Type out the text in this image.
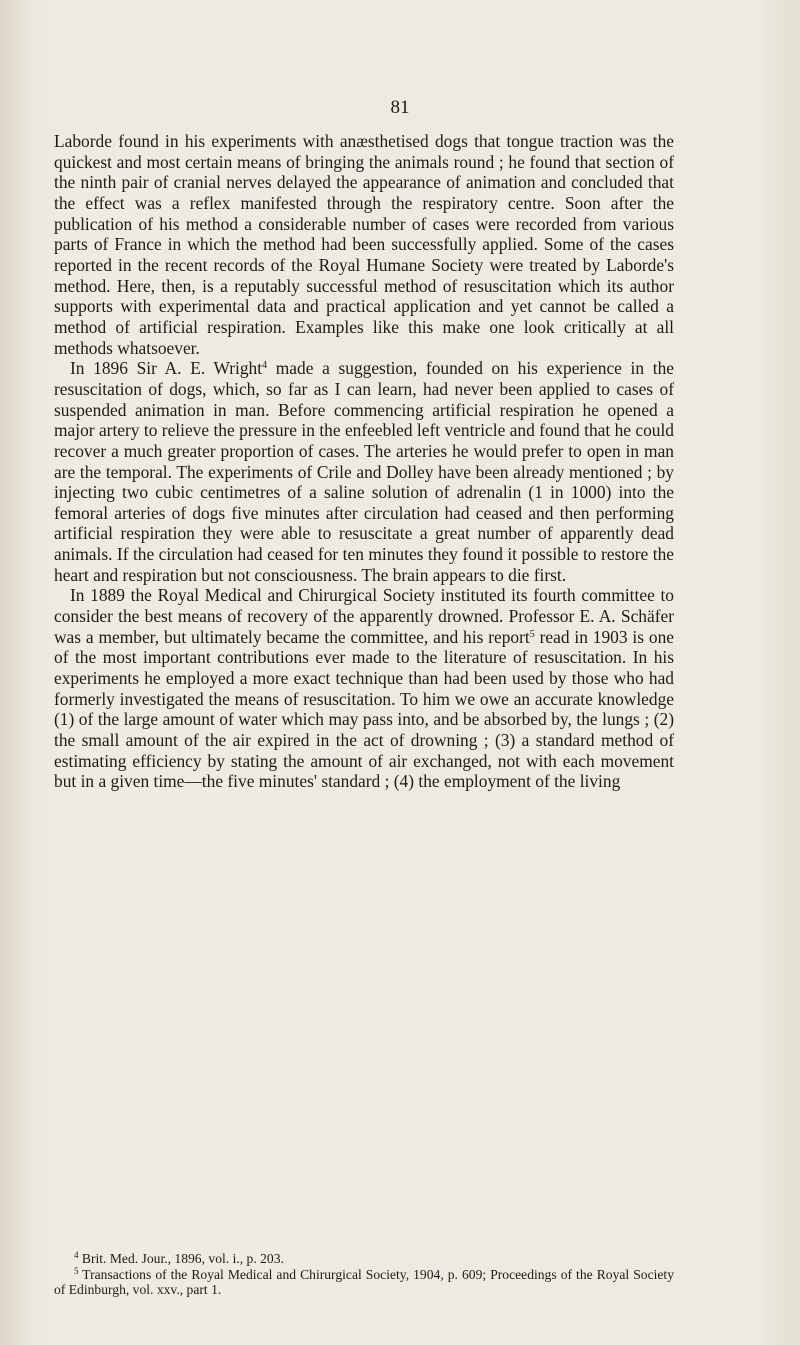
81

Laborde found in his experiments with anæsthetised dogs that tongue traction was the quickest and most certain means of bringing the animals round ; he found that section of the ninth pair of cranial nerves delayed the appearance of animation and concluded that the effect was a reflex manifested through the respiratory centre. Soon after the publication of his method a considerable number of cases were recorded from various parts of France in which the method had been successfully applied. Some of the cases reported in the recent records of the Royal Humane Society were treated by Laborde's method. Here, then, is a reputably successful method of resuscitation which its author supports with experimental data and practical application and yet cannot be called a method of artificial respiration. Examples like this make one look critically at all methods whatsoever.

In 1896 Sir A. E. Wright$^4$ made a suggestion, founded on his experience in the resuscitation of dogs, which, so far as I can learn, had never been applied to cases of suspended animation in man. Before commencing artificial respiration he opened a major artery to relieve the pressure in the enfeebled left ventricle and found that he could recover a much greater proportion of cases. The arteries he would prefer to open in man are the temporal. The experiments of Crile and Dolley have been already mentioned ; by injecting two cubic centimetres of a saline solution of adrenalin (1 in 1000) into the femoral arteries of dogs five minutes after circulation had ceased and then performing artificial respiration they were able to resuscitate a great number of apparently dead animals. If the circulation had ceased for ten minutes they found it possible to restore the heart and respiration but not consciousness. The brain appears to die first.

In 1889 the Royal Medical and Chirurgical Society instituted its fourth committee to consider the best means of recovery of the apparently drowned. Professor E. A. Schäfer was a member, but ultimately became the committee, and his report$^5$ read in 1903 is one of the most important contributions ever made to the literature of resuscitation. In his experiments he employed a more exact technique than had been used by those who had formerly investigated the means of resuscitation. To him we owe an accurate knowledge (1) of the large amount of water which may pass into, and be absorbed by, the lungs ; (2) the small amount of the air expired in the act of drowning ; (3) a standard method of estimating efficiency by stating the amount of air exchanged, not with each movement but in a given time—the five minutes' standard ; (4) the employment of the living

$^4$ Brit. Med. Jour., 1896, vol. i., p. 203.

$^5$ Transactions of the Royal Medical and Chirurgical Society, 1904, p. 609; Proceedings of the Royal Society of Edinburgh, vol. xxv., part 1.
